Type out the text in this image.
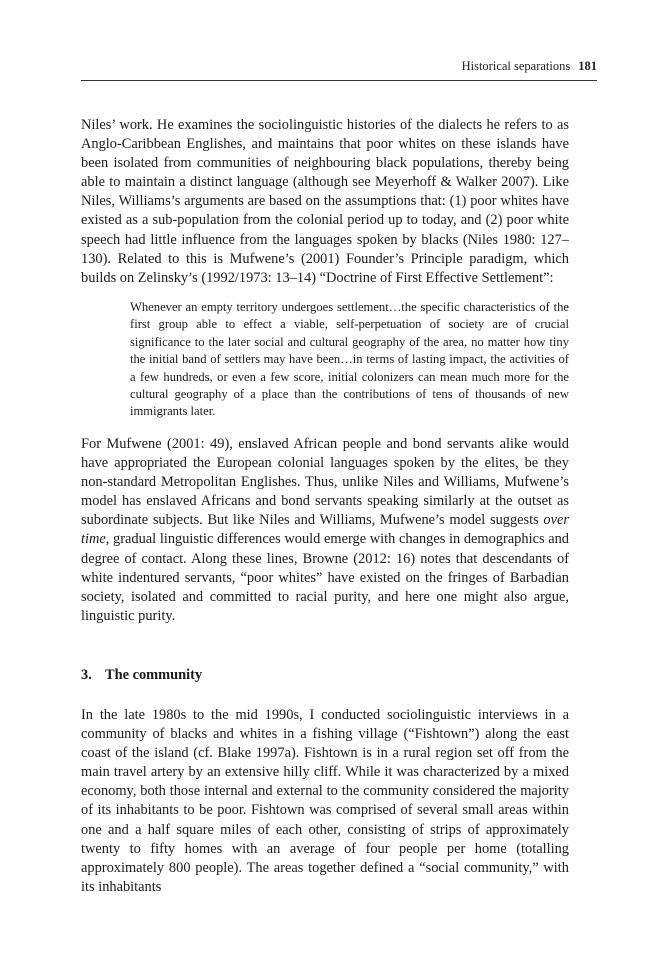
Historical separations 181

Niles’ work. He examines the sociolinguistic histories of the dialects he refers to as Anglo-Caribbean Englishes, and maintains that poor whites on these islands have been isolated from communities of neighbouring black populations, thereby being able to maintain a distinct language (although see Meyerhoff & Walker 2007). Like Niles, Williams’s arguments are based on the assumptions that: (1) poor whites have existed as a sub-population from the colonial period up to today, and (2) poor white speech had little influence from the languages spoken by blacks (Niles 1980: 127–130). Related to this is Mufwene’s (2001) Founder’s Principle paradigm, which builds on Zelinsky’s (1992/1973: 13–14) “Doctrine of First Effective Settlement”:

Whenever an empty territory undergoes settlement…the specific characteristics of the first group able to effect a viable, self-perpetuation of society are of crucial significance to the later social and cultural geography of the area, no matter how tiny the initial band of settlers may have been…in terms of lasting impact, the activities of a few hundreds, or even a few score, initial colonizers can mean much more for the cultural geography of a place than the contributions of tens of thousands of new immigrants later.

For Mufwene (2001: 49), enslaved African people and bond servants alike would have appropriated the European colonial languages spoken by the elites, be they non-standard Metropolitan Englishes. Thus, unlike Niles and Williams, Mufwene’s model has enslaved Africans and bond servants speaking similarly at the outset as subordinate subjects. But like Niles and Williams, Mufwene’s model suggests over time, gradual linguistic differences would emerge with changes in demographics and degree of contact. Along these lines, Browne (2012: 16) notes that descendants of white indentured servants, “poor whites” have existed on the fringes of Barbadian society, isolated and committed to racial purity, and here one might also argue, linguistic purity.

3. The community

In the late 1980s to the mid 1990s, I conducted sociolinguistic interviews in a community of blacks and whites in a fishing village (“Fishtown”) along the east coast of the island (cf. Blake 1997a). Fishtown is in a rural region set off from the main travel artery by an extensive hilly cliff. While it was characterized by a mixed economy, both those internal and external to the community considered the majority of its inhabitants to be poor. Fishtown was comprised of several small areas within one and a half square miles of each other, consisting of strips of approximately twenty to fifty homes with an average of four people per home (totalling approximately 800 people). The areas together defined a “social community,” with its inhabitants
